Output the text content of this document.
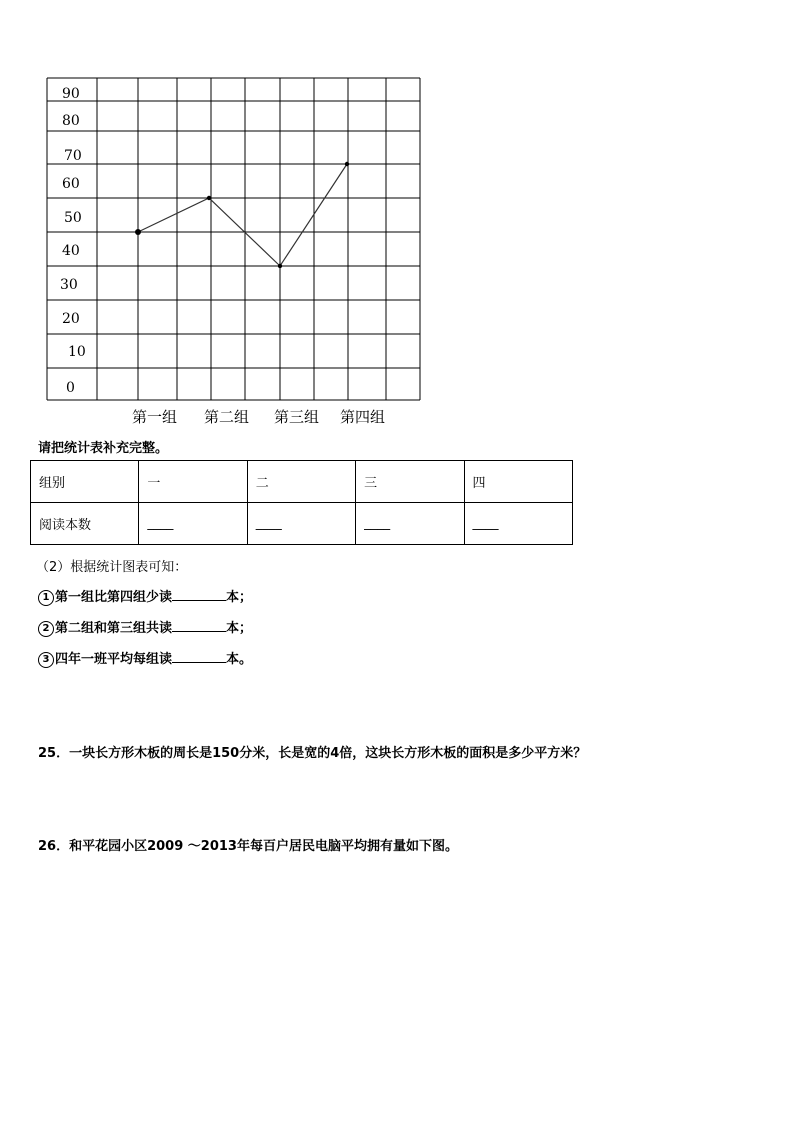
90
80
70
60
50
40
30
20
10
0
第一组 第二组 第三组 第四组
请把统计表补充完整。
组别	一	二	三	四
阅读本数	____	____	____	____
（2）根据统计图表可知：
1 第一组比第四组少读	本；
2 第二组和第三组共读	本；
3 四年一班平均每组读	本。
25．一块长方形木板的周长是150分米，长是宽的4倍，这块长方形木板的面积是多少平方米？
26．和平花园小区2009 ～2013年每百户居民电脑平均拥有量如下图。
